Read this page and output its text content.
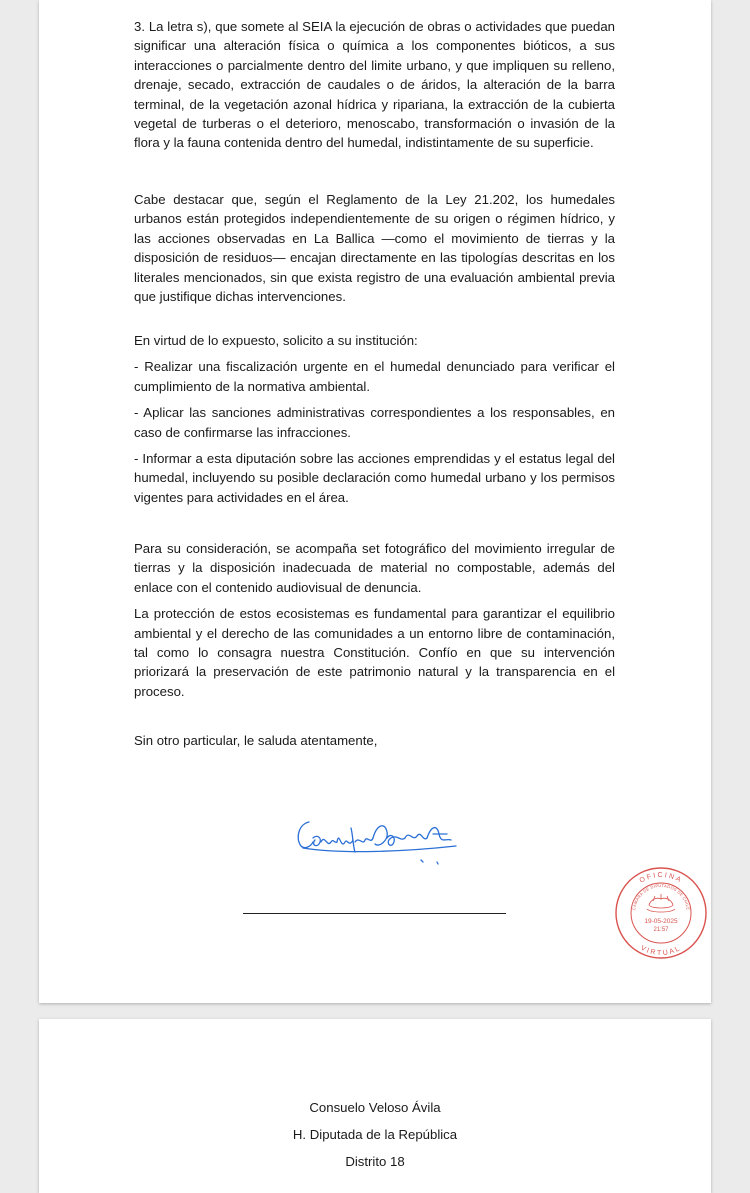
3. La letra s), que somete al SEIA la ejecución de obras o actividades que puedan significar una alteración física o química a los componentes bióticos, a sus interacciones o parcialmente dentro del limite urbano, y que impliquen su relleno, drenaje, secado, extracción de caudales o de áridos, la alteración de la barra terminal, de la vegetación azonal hídrica y ripariana, la extracción de la cubierta vegetal de turberas o el deterioro, menoscabo, transformación o invasión de la flora y la fauna contenida dentro del humedal, indistintamente de su superficie.

Cabe destacar que, según el Reglamento de la Ley 21.202, los humedales urbanos están protegidos independientemente de su origen o régimen hídrico, y las acciones observadas en La Ballica —como el movimiento de tierras y la disposición de residuos— encajan directamente en las tipologías descritas en los literales mencionados, sin que exista registro de una evaluación ambiental previa que justifique dichas intervenciones.

En virtud de lo expuesto, solicito a su institución:

- Realizar una fiscalización urgente en el humedal denunciado para verificar el cumplimiento de la normativa ambiental.

- Aplicar las sanciones administrativas correspondientes a los responsables, en caso de confirmarse las infracciones.

- Informar a esta diputación sobre las acciones emprendidas y el estatus legal del humedal, incluyendo su posible declaración como humedal urbano y los permisos vigentes para actividades en el área.

Para su consideración, se acompaña set fotográfico del movimiento irregular de tierras y la disposición inadecuada de material no compostable, además del enlace con el contenido audiovisual de denuncia.

La protección de estos ecosistemas es fundamental para garantizar el equilibrio ambiental y el derecho de las comunidades a un entorno libre de contaminación, tal como lo consagra nuestra Constitución. Confío en que su intervención priorizará la preservación de este patrimonio natural y la transparencia en el proceso.

Sin otro particular, le saluda atentamente,

OFICINA
CAMARA DE DIPUTADOS DE CHILE
VIRTUAL
19-05-2025
21:57
Consuelo Veloso Ávila
H. Diputada de la República
Distrito 18
